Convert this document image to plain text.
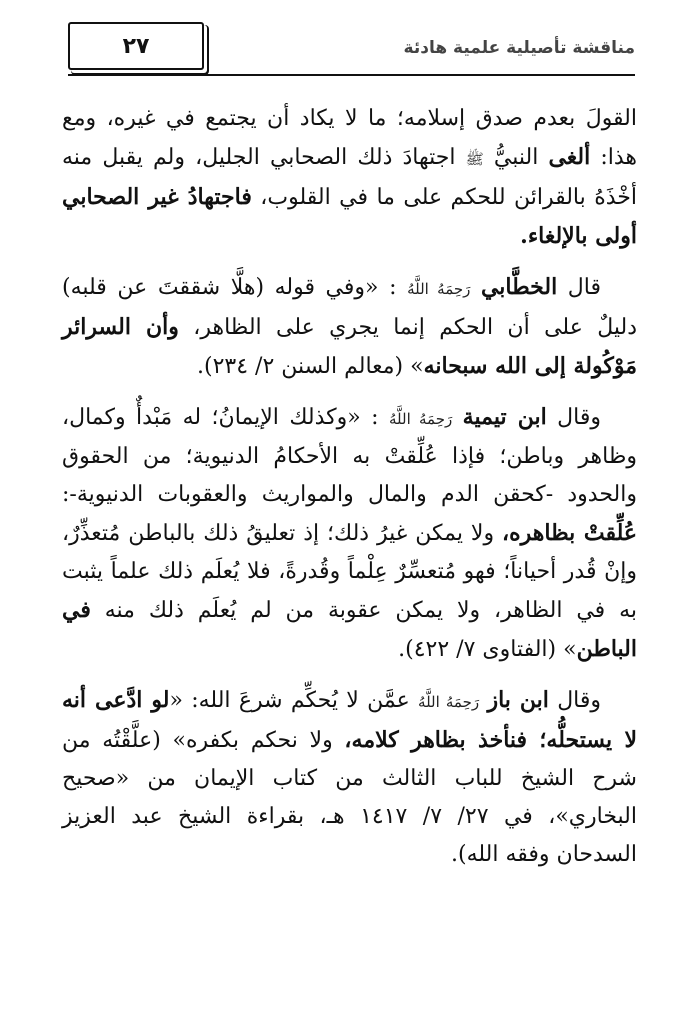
مناقشة تأصيلية علمية هادئة
٢٧

القولَ بعدم صدق إسلامه؛ ما لا يكاد أن يجتمع في غيره، ومع هذا: ألغى النبيُّ ﷺ اجتهادَ ذلك الصحابي الجليل، ولم يقبل منه أخْذَهُ بالقرائن للحكم على ما في القلوب، فاجتهادُ غير الصحابي أولى بالإلغاء.

قال الخطَّابي رَحِمَهُ اللَّهُ : «وفي قوله (هلَّا شققتَ عن قلبه) دليلٌ على أن الحكم إنما يجري على الظاهر، وأن السرائر مَوْكُولة إلى الله سبحانه» (معالم السنن ٢/ ٢٣٤).

وقال ابن تيمية رَحِمَهُ اللَّهُ : «وكذلك الإيمانُ؛ له مَبْدأٌ وكمال، وظاهر وباطن؛ فإذا عُلِّقتْ به الأحكامُ الدنيوية؛ من الحقوق والحدود -كحقن الدم والمال والمواريث والعقوبات الدنيوية-: عُلِّقتْ بظاهره، ولا يمكن غيرُ ذلك؛ إذ تعليقُ ذلك بالباطن مُتعذِّرٌ، وإنْ قُدر أحياناً؛ فهو مُتعسِّرٌ عِلْماً وقُدرةً، فلا يُعلَم ذلك علماً يثبت به في الظاهر، ولا يمكن عقوبة من لم يُعلَم ذلك منه في الباطن» (الفتاوى ٧/ ٤٢٢).

وقال ابن باز رَحِمَهُ اللَّهُ عمَّن لا يُحكِّم شرعَ الله: «لو ادَّعى أنه لا يستحلُّه؛ فنأخذ بظاهر كلامه، ولا نحكم بكفره» (علَّقْتُه من شرح الشيخ للباب الثالث من كتاب الإيمان من «صحيح البخاري»، في ٢٧/ ٧/ ١٤١٧ هـ، بقراءة الشيخ عبد العزيز السدحان وفقه الله).
